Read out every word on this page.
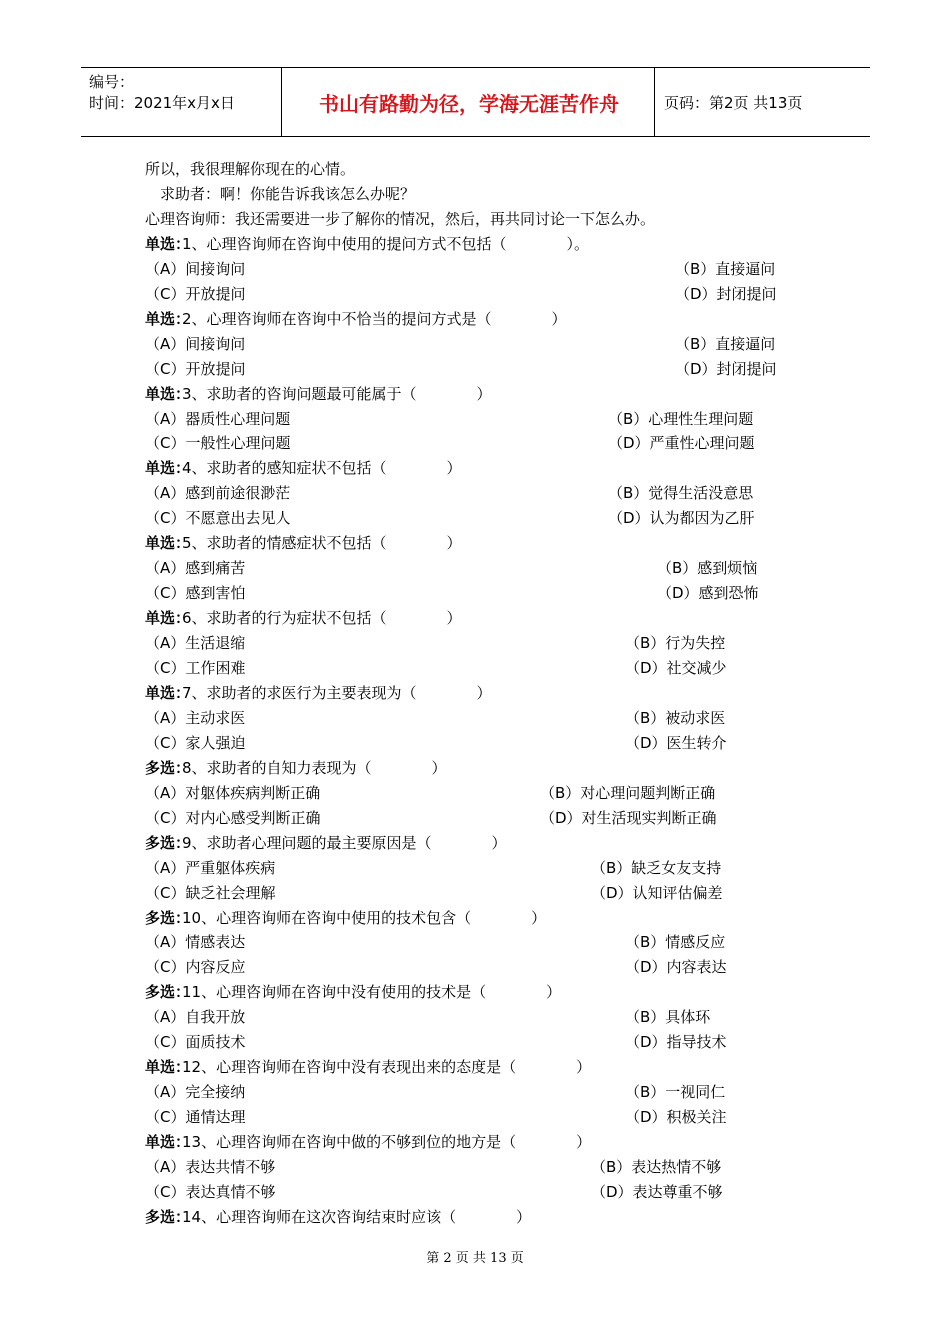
编号：
时间：2021年x月x日	书山有路勤为径，学海无涯苦作舟	页码：第2页 共13页
所以，我很理解你现在的心情。
　求助者：啊！你能告诉我该怎么办呢？
心理咨询师：我还需要进一步了解你的情况，然后，再共同讨论一下怎么办。
单选：
1、心理咨询师在咨询中使用的提问方式不包括（　　　　）。
（A）间接询问	（B）直接逼问
（C）开放提问	（D）封闭提问
单选：
2、心理咨询师在咨询中不恰当的提问方式是（　　　　）
（A）间接询问	（B）直接逼问
（C）开放提问	（D）封闭提问
单选：
3、求助者的咨询问题最可能属于（　　　　）
（A）器质性心理问题	（B）心理性生理问题
（C）一般性心理问题	（D）严重性心理问题
单选：
4、求助者的感知症状不包括（　　　　）
（A）感到前途很渺茫	（B）觉得生活没意思
（C）不愿意出去见人	（D）认为都因为乙肝
单选：
5、求助者的情感症状不包括（　　　　）
（A）感到痛苦	（B）感到烦恼
（C）感到害怕	（D）感到恐怖
单选：
6、求助者的行为症状不包括（　　　　）
（A）生活退缩	（B）行为失控
（C）工作困难	（D）社交减少
单选：
7、求助者的求医行为主要表现为（　　　　）
（A）主动求医	（B）被动求医
（C）家人强迫	（D）医生转介
多选：
8、求助者的自知力表现为（　　　　）
（A）对躯体疾病判断正确	（B）对心理问题判断正确
（C）对内心感受判断正确	（D）对生活现实判断正确
多选：
9、求助者心理问题的最主要原因是（　　　　）
（A）严重躯体疾病	（B）缺乏女友支持
（C）缺乏社会理解	（D）认知评估偏差
多选：
10、心理咨询师在咨询中使用的技术包含（　　　　）
（A）情感表达	（B）情感反应
（C）内容反应	（D）内容表达
多选：
11、心理咨询师在咨询中没有使用的技术是（　　　　）
（A）自我开放	（B）具体环
（C）面质技术	（D）指导技术
单选：
12、心理咨询师在咨询中没有表现出来的态度是（　　　　）
（A）完全接纳	（B）一视同仁
（C）通情达理	（D）积极关注
单选：
13、心理咨询师在咨询中做的不够到位的地方是（　　　　）
（A）表达共情不够	（B）表达热情不够
（C）表达真情不够	（D）表达尊重不够
多选：
14、心理咨询师在这次咨询结束时应该（　　　　）
第 2 页 共 13 页
